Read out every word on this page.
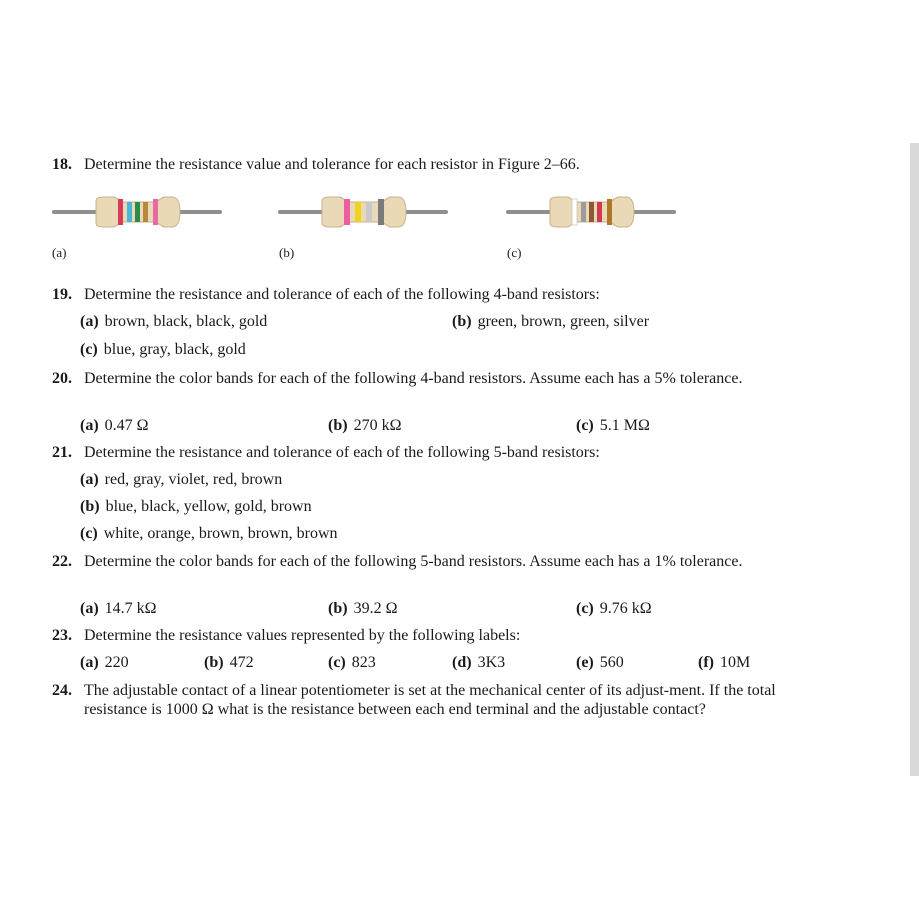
18. Determine the resistance value and tolerance for each resistor in Figure 2–66.
(a)	(b)	(c)
19. Determine the resistance and tolerance of each of the following 4-band resistors:
(a) brown, black, black, gold	(b) green, brown, green, silver
(c) blue, gray, black, gold
20. Determine the color bands for each of the following 4-band resistors. Assume each has a 5% tolerance.
(a) 0.47 Ω	(b) 270 kΩ	(c) 5.1 MΩ
21. Determine the resistance and tolerance of each of the following 5-band resistors:
(a) red, gray, violet, red, brown
(b) blue, black, yellow, gold, brown
(c) white, orange, brown, brown, brown
22. Determine the color bands for each of the following 5-band resistors. Assume each has a 1% tolerance.
(a) 14.7 kΩ	(b) 39.2 Ω	(c) 9.76 kΩ
23. Determine the resistance values represented by the following labels:
(a) 220	(b) 472	(c) 823	(d) 3K3	(e) 560	(f) 10M
24. The adjustable contact of a linear potentiometer is set at the mechanical center of its adjust-ment. If the total resistance is 1000 Ω what is the resistance between each end terminal and the adjustable contact?
